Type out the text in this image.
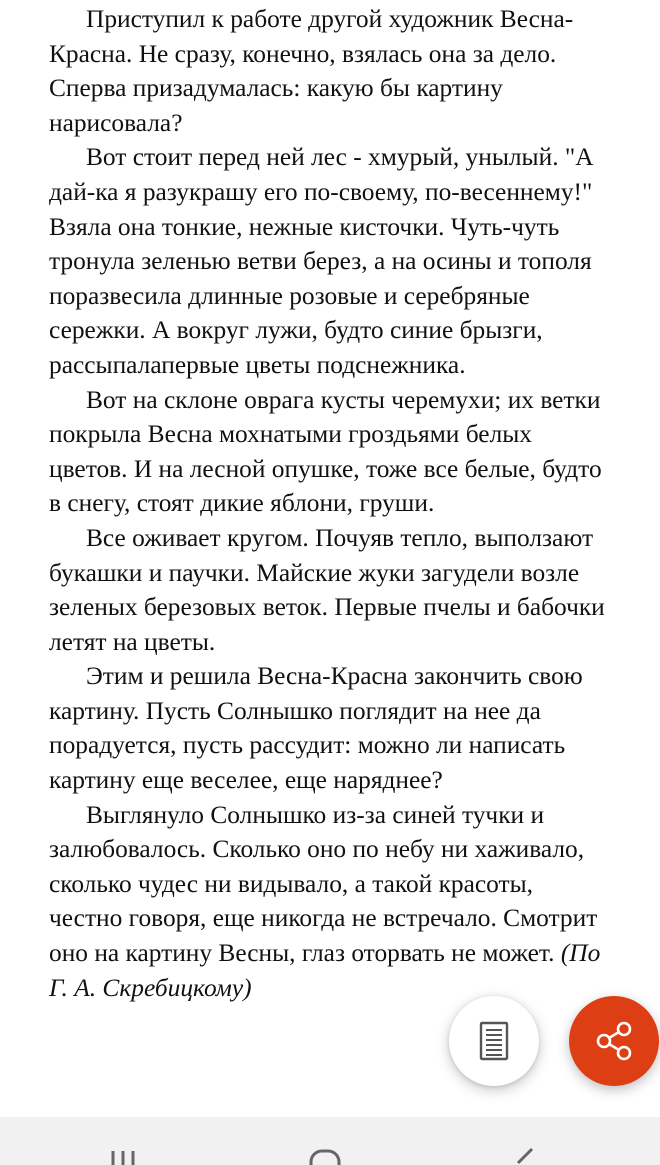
Приступил к работе другой художник Весна-Красна. Не сразу, конечно, взялась она за дело. Сперва призадумалась: какую бы картину нарисовала?

Вот стоит перед ней лес - хмурый, унылый. "А дай-ка я разукрашу его по-своему, по-весеннему!" Взяла она тонкие, нежные кисточки. Чуть-чуть тронула зеленью ветви берез, а на осины и тополя поразвесила длинные розовые и серебряные сережки. А вокруг лужи, будто синие брызги, рассыпалапервые цветы подснежника.

Вот на склоне оврага кусты черемухи; их ветки покрыла Весна мохнатыми гроздьями белых цветов. И на лесной опушке, тоже все белые, будто в снегу, стоят дикие яблони, груши.

Все оживает кругом. Почуяв тепло, выползают букашки и паучки. Майские жуки загудели возле зеленых березовых веток. Первые пчелы и бабочки летят на цветы.

Этим и решила Весна-Красна закончить свою картину. Пусть Солнышко поглядит на нее да порадуется, пусть рассудит: можно ли написать картину еще веселее, еще наряднее?

Выглянуло Солнышко из-за синей тучки и залюбовалось. Сколько оно по небу ни хаживало, сколько чудес ни видывало, а такой красоты, честно говоря, еще никогда не встречало. Смотрит оно на картину Весны, глаз оторвать не может. (По Г. А. Скребицкому)
